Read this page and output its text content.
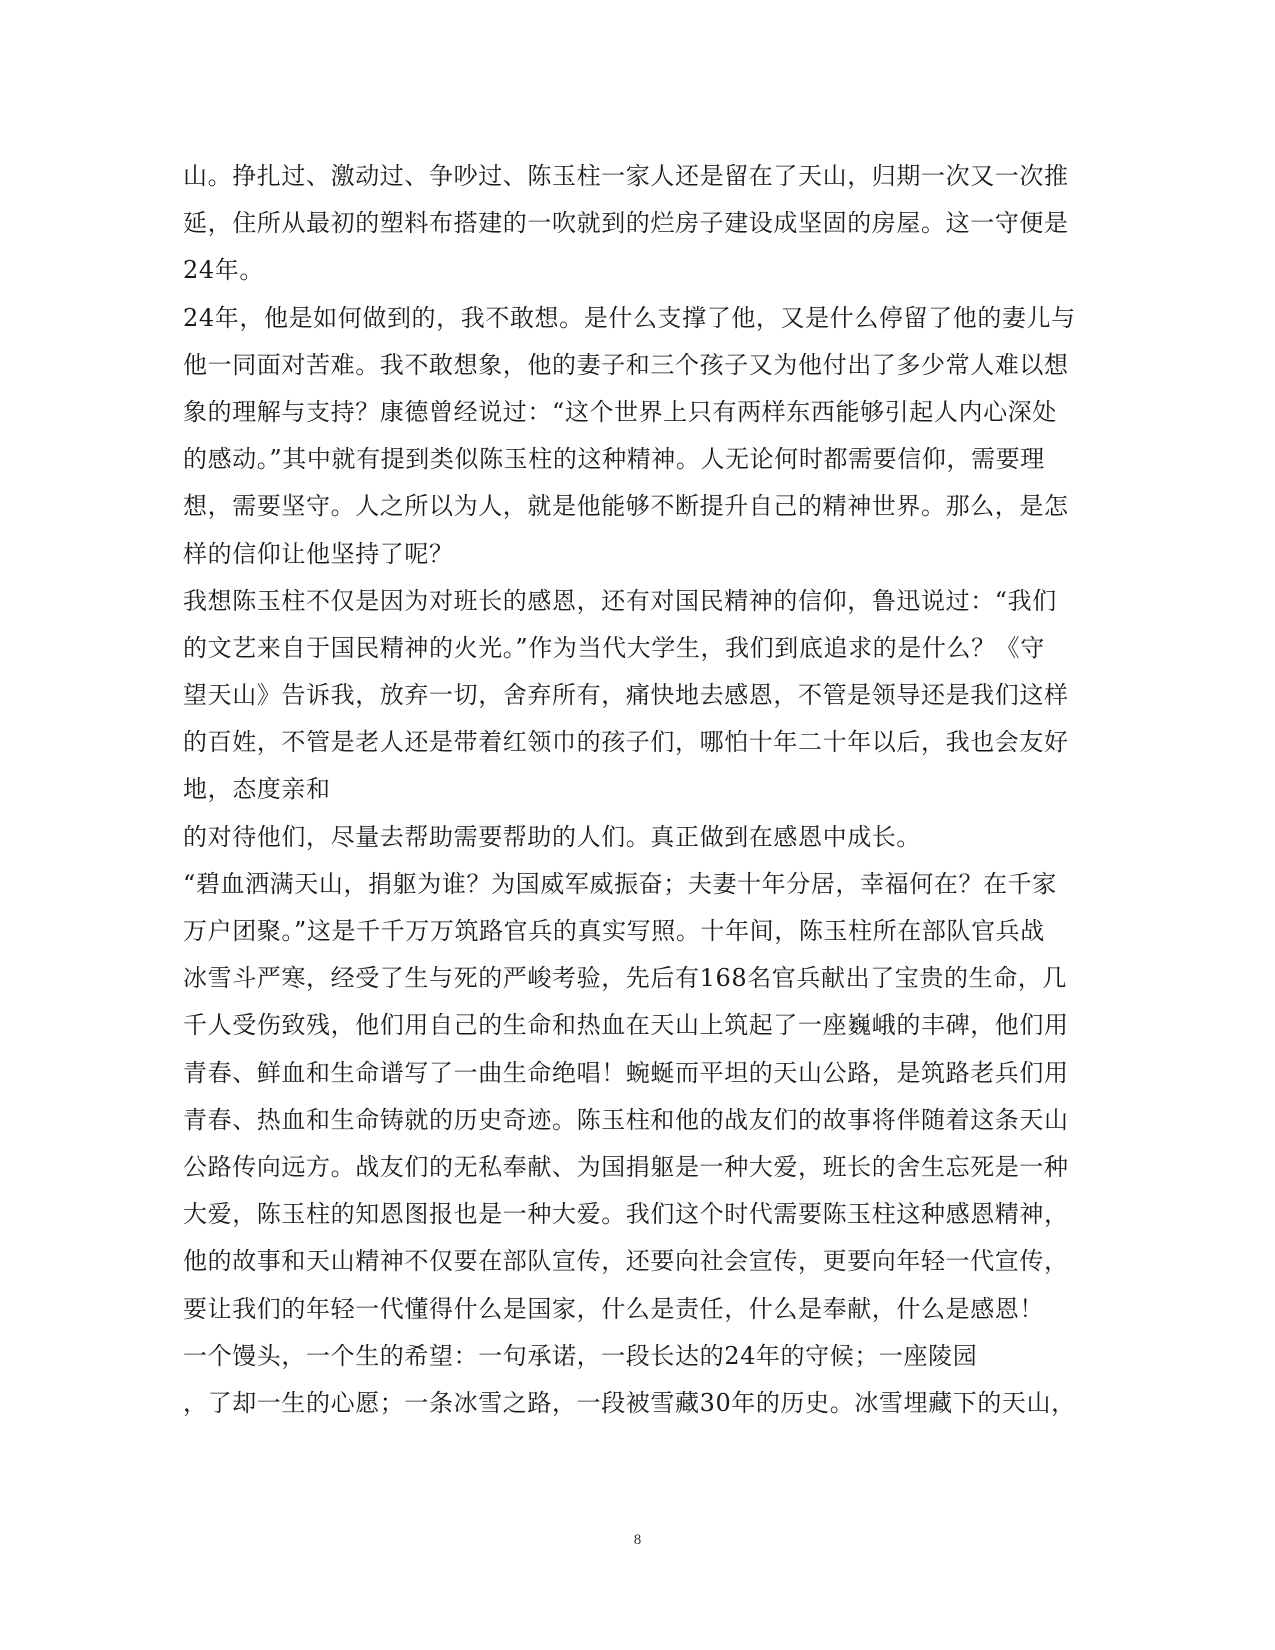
山。挣扎过、激动过、争吵过、陈玉柱一家人还是留在了天山，归期一次又一次推
延，住所从最初的塑料布搭建的一吹就到的烂房子建设成坚固的房屋。这一守便是
24年。
24年，他是如何做到的，我不敢想。是什么支撑了他，又是什么停留了他的妻儿与
他一同面对苦难。我不敢想象，他的妻子和三个孩子又为他付出了多少常人难以想
象的理解与支持？康德曾经说过：“这个世界上只有两样东西能够引起人内心深处
的感动。”其中就有提到类似陈玉柱的这种精神。人无论何时都需要信仰，需要理
想，需要坚守。人之所以为人，就是他能够不断提升自己的精神世界。那么，是怎
样的信仰让他坚持了呢？
我想陈玉柱不仅是因为对班长的感恩，还有对国民精神的信仰，鲁迅说过：“我们
的文艺来自于国民精神的火光。”作为当代大学生，我们到底追求的是什么？《守
望天山》告诉我，放弃一切，舍弃所有，痛快地去感恩，不管是领导还是我们这样
的百姓，不管是老人还是带着红领巾的孩子们，哪怕十年二十年以后，我也会友好
地，态度亲和
的对待他们，尽量去帮助需要帮助的人们。真正做到在感恩中成长。
“碧血洒满天山，捐躯为谁？为国威军威振奋；夫妻十年分居，幸福何在？在千家
万户团聚。”这是千千万万筑路官兵的真实写照。十年间，陈玉柱所在部队官兵战
冰雪斗严寒，经受了生与死的严峻考验，先后有168名官兵献出了宝贵的生命，几
千人受伤致残，他们用自己的生命和热血在天山上筑起了一座巍峨的丰碑，他们用
青春、鲜血和生命谱写了一曲生命绝唱！蜿蜒而平坦的天山公路，是筑路老兵们用
青春、热血和生命铸就的历史奇迹。陈玉柱和他的战友们的故事将伴随着这条天山
公路传向远方。战友们的无私奉献、为国捐躯是一种大爱，班长的舍生忘死是一种
大爱，陈玉柱的知恩图报也是一种大爱。我们这个时代需要陈玉柱这种感恩精神，
他的故事和天山精神不仅要在部队宣传，还要向社会宣传，更要向年轻一代宣传，
要让我们的年轻一代懂得什么是国家，什么是责任，什么是奉献，什么是感恩！
一个馒头，一个生的希望：一句承诺，一段长达的24年的守候；一座陵园
，了却一生的心愿；一条冰雪之路，一段被雪藏30年的历史。冰雪埋藏下的天山，
8
